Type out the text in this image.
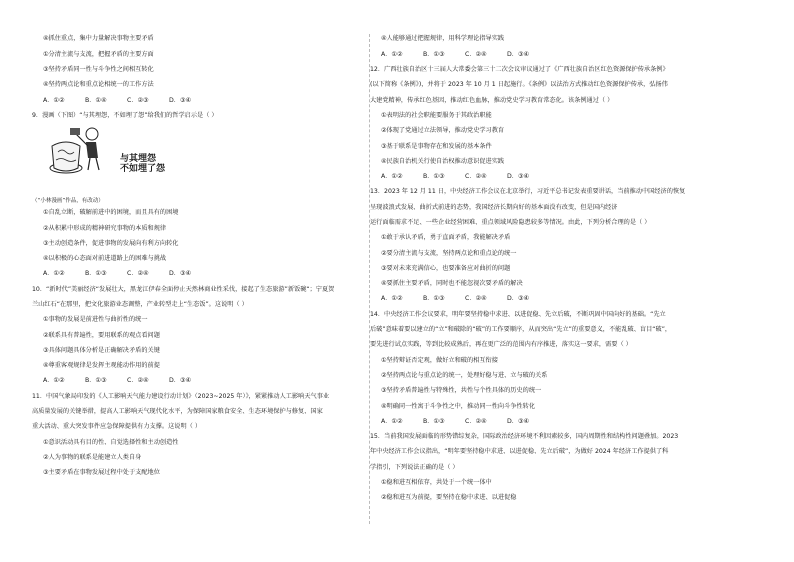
④抓住重点，集中力量解决事物主要矛盾
①分清主流与支流，把握矛盾的主要方面
③坚持矛盾同一性与斗争性之间相互转化
④坚持两点论和重点论相统一的工作方法
A．①②	B．①④	C．②③	D．③④
9．漫画（下图）“与其埋怨，不如埋了怨”给我们的哲学启示是（ ）
与其埋怨
不如埋了怨
（“小林漫画”作品，有改动）
①自乱立断，破解前进中的困境，而且具有的困境
②从积累中形成的精神研究事物的本质和规律
③主动创造条件，促进事物的发展向有利方向转化
④以积极的心态面对前进道路上的困难与挑战
A．①②	B．①③	C．②④	D．③④
10．“新时代”美丽经济“发展壮大，黑龙江伊春全面停止天然林商业性采伐，接起了生态旅游”新饭碗“；宁夏贺
兰山红石“在那里，把文化旅游业态调整，产业转型走上“生态饭”。这说明（ ）
①事物的发展是前进性与曲折性的统一
②联系具有普遍性，要用联系的观点看问题
③具体问题具体分析是正确解决矛盾的关键
④尊重客观规律是发挥主观能动作用的前提
A．①②	B．①③	C．②④	D．③④
11．中国气象局印发的《人工影响天气能力建设行动计划》（2023~2025 年）》，紧紧推动人工影响天气事业
高质量发展的关键举措，提高人工影响天气现代化水平，为保障国家粮食安全、生态环境保护与修复、国家
重大活动、重大突发事件应急保障提供有力支撑。这说明（ ）
①意识活动具有目的性、自觉选择性和主动创造性
②人为事物的联系是能建立人类自身
③主要矛盾在事物发展过程中处于支配地位
④人能够通过把握规律，用科学理论指导实践
A．①②	B．①③	C．②④	D．③④
12．广西壮族自治区十三届人大常委会第三十二次会议审议通过了《广西壮族自治区红色资源保护传承条例》
(以下简称《条例》)，并将于 2023 年 10 月 1 日起施行。《条例》以法治方式推动红色资源保护传承，弘扬伟
大建党精神，传承红色基因，推动红色血脉，推动党史学习教育常态化。该条例通过（ ）
①表明法的社会职能要服务于其政治职能
②体现了党通过立法领导，推动党史学习教育
③基于联系是事物存在和发展的基本条件
④民族自治机关行使自治权推动意识促进实践
A．①②	B．①③	C．②④	D．③④
13．2023 年 12 月 11 日，中央经济工作会议在北京举行，习近平总书记发表重要讲话，当前推动中国经济的恢复
呈现波浪式发展、曲折式前进的态势，我国经济长期向好的基本面没有改变，但是国内经济
运行面临需求不足、一些企业经营困难、重点领域风险隐患较多等情况。由此，下列分析合理的是（ ）
①敢于承认矛盾，勇于直面矛盾，我能解决矛盾
②要分清主流与支流，坚持两点论和重点论的统一
③要对未来充满信心，也要准备应对曲折的问题
④要抓住主要矛盾，同时也不能忽视次要矛盾的解决
A．①②	B．①③	C．②④	D．③④
14．中央经济工作会议要求，明年要坚持稳中求进、以进促稳、先立后破，不断巩固中国向好的基础。“先立
后破”意味着要以建立的“立”和破除的“破”的工作要顺序，从而突出“先立”的重要意义，不能乱破、盲目“破”，
要先进行试点实践，等到比较成熟后，再在更广泛的范围内有序推进，落实这一要求，需要（ ）
①坚持辩证否定观，做好立和破的相互衔接
②坚持两点论与重点论的统一，处理好稳与进、立与破的关系
③坚持矛盾普遍性与特殊性，共性与个性具体的历史的统一
④明确同一性寓于斗争性之中，推动同一性向斗争性转化
A．①②	B．①③	C．②④	D．③④
15．当前我国发展面临的形势错综复杂，国际政治经济环境不利因素较多，国内周期性和结构性问题叠加。2023
年中央经济工作会议指出，“明年要坚持稳中求进、以进促稳、先立后破”，为做好 2024 年经济工作提供了科
学指引，下列说法正确的是（ ）
①稳和进互相依存，共处于一个统一体中
②稳和进互为前提，要坚持在稳中求进、以进促稳
